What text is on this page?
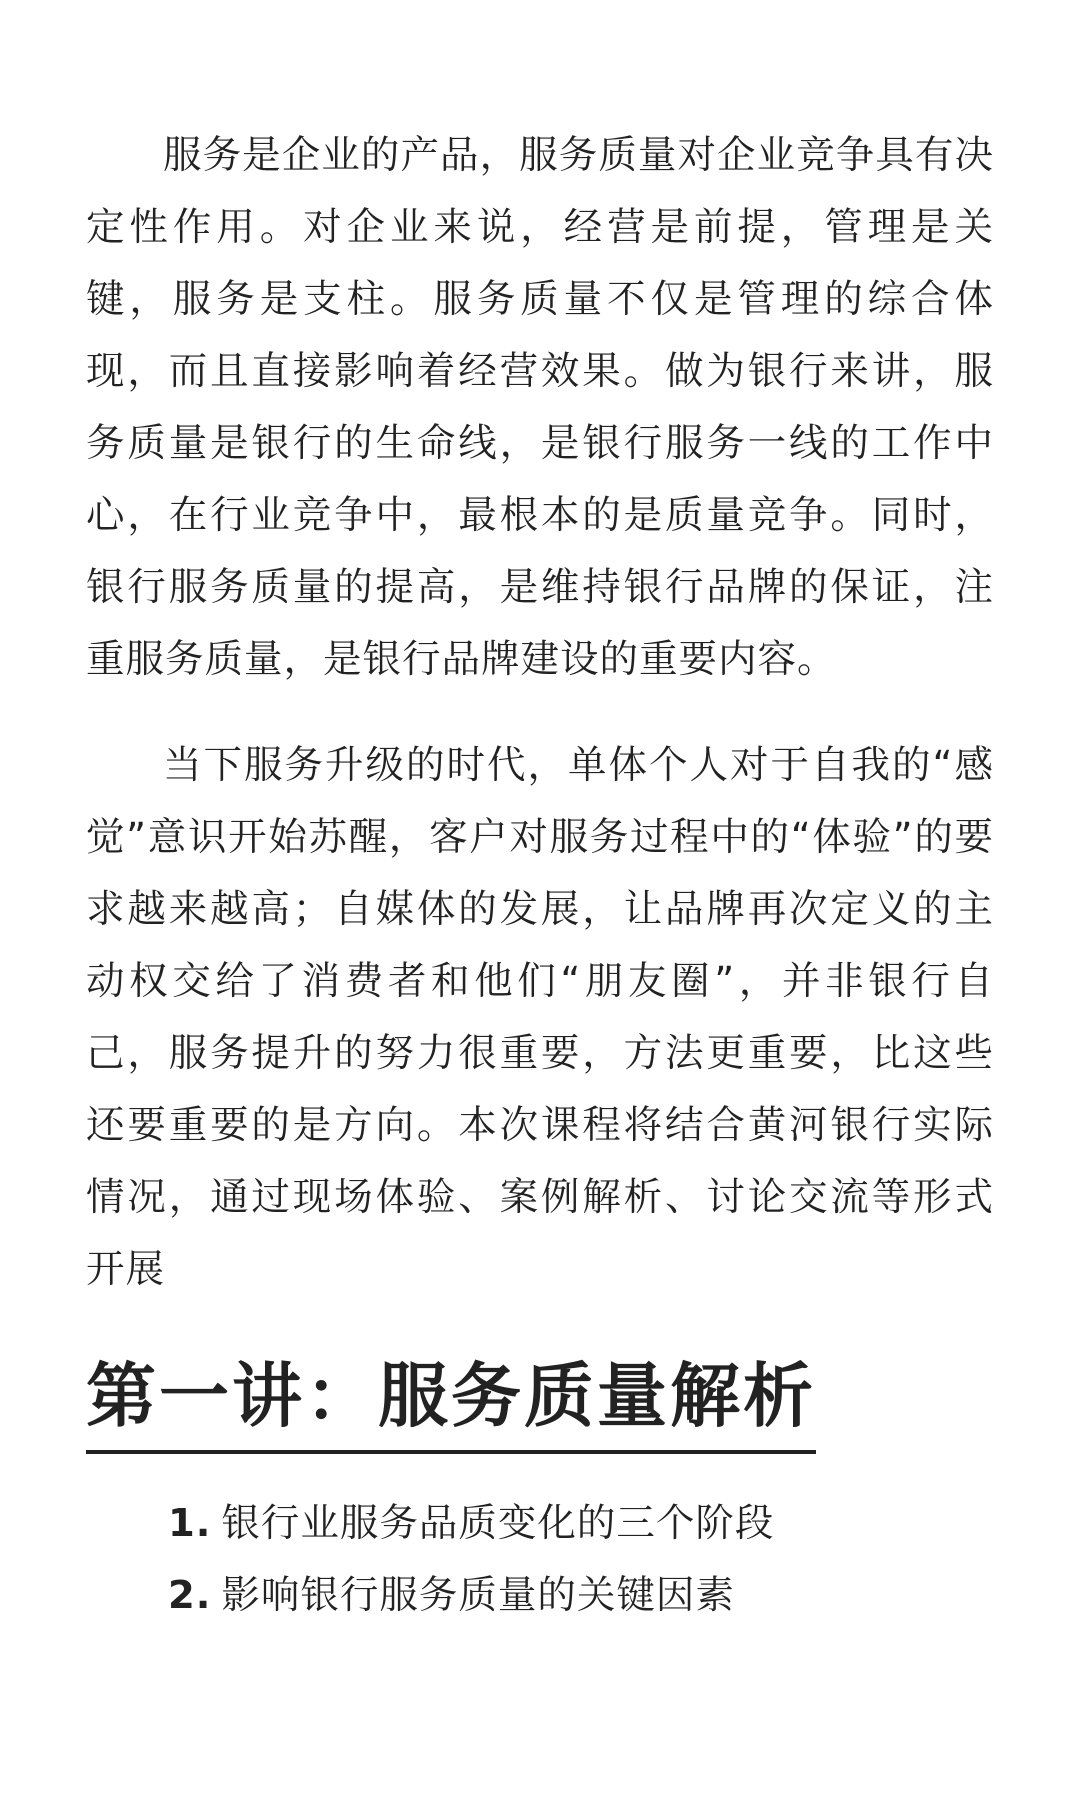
服务是企业的产品，服务质量对企业竞争具有决定性作用。对企业来说，经营是前提，管理是关键，服务是支柱。服务质量不仅是管理的综合体现，而且直接影响着经营效果。做为银行来讲，服务质量是银行的生命线，是银行服务一线的工作中心，在行业竞争中，最根本的是质量竞争。同时，银行服务质量的提高，是维持银行品牌的保证，注重服务质量，是银行品牌建设的重要内容。

当下服务升级的时代，单体个人对于自我的“感觉”意识开始苏醒，客户对服务过程中的“体验”的要求越来越高；自媒体的发展，让品牌再次定义的主动权交给了消费者和他们“朋友圈”，并非银行自己，服务提升的努力很重要，方法更重要，比这些还要重要的是方向。本次课程将结合黄河银行实际情况，通过现场体验、案例解析、讨论交流等形式开展

第一讲：服务质量解析
1. 银行业服务品质变化的三个阶段
2. 影响银行服务质量的关键因素
